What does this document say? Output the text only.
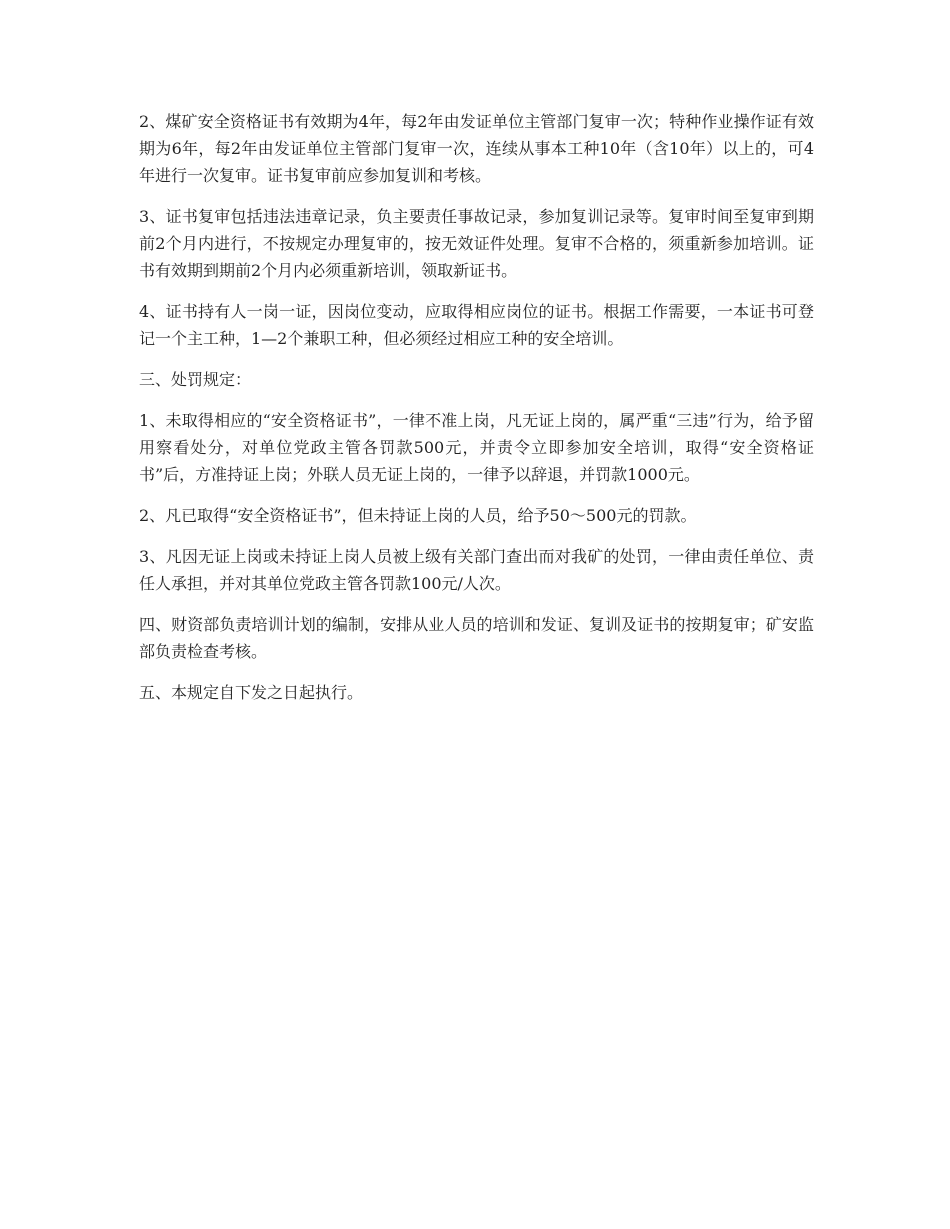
2、煤矿安全资格证书有效期为4年，每2年由发证单位主管部门复审一次；特种作业操作证有效期为6年，每2年由发证单位主管部门复审一次，连续从事本工种10年（含10年）以上的，可4年进行一次复审。证书复审前应参加复训和考核。

3、证书复审包括违法违章记录，负主要责任事故记录，参加复训记录等。复审时间至复审到期前2个月内进行，不按规定办理复审的，按无效证件处理。复审不合格的，须重新参加培训。证书有效期到期前2个月内必须重新培训，领取新证书。

4、证书持有人一岗一证，因岗位变动，应取得相应岗位的证书。根据工作需要，一本证书可登记一个主工种，1—2个兼职工种，但必须经过相应工种的安全培训。

三、处罚规定：

1、未取得相应的“安全资格证书”，一律不准上岗，凡无证上岗的，属严重“三违”行为，给予留用察看处分，对单位党政主管各罚款500元，并责令立即参加安全培训，取得“安全资格证书”后，方准持证上岗；外联人员无证上岗的，一律予以辞退，并罚款1000元。

2、凡已取得“安全资格证书”，但未持证上岗的人员，给予50～500元的罚款。

3、凡因无证上岗或未持证上岗人员被上级有关部门查出而对我矿的处罚，一律由责任单位、责任人承担，并对其单位党政主管各罚款100元/人次。

四、财资部负责培训计划的编制，安排从业人员的培训和发证、复训及证书的按期复审；矿安监部负责检查考核。

五、本规定自下发之日起执行。
